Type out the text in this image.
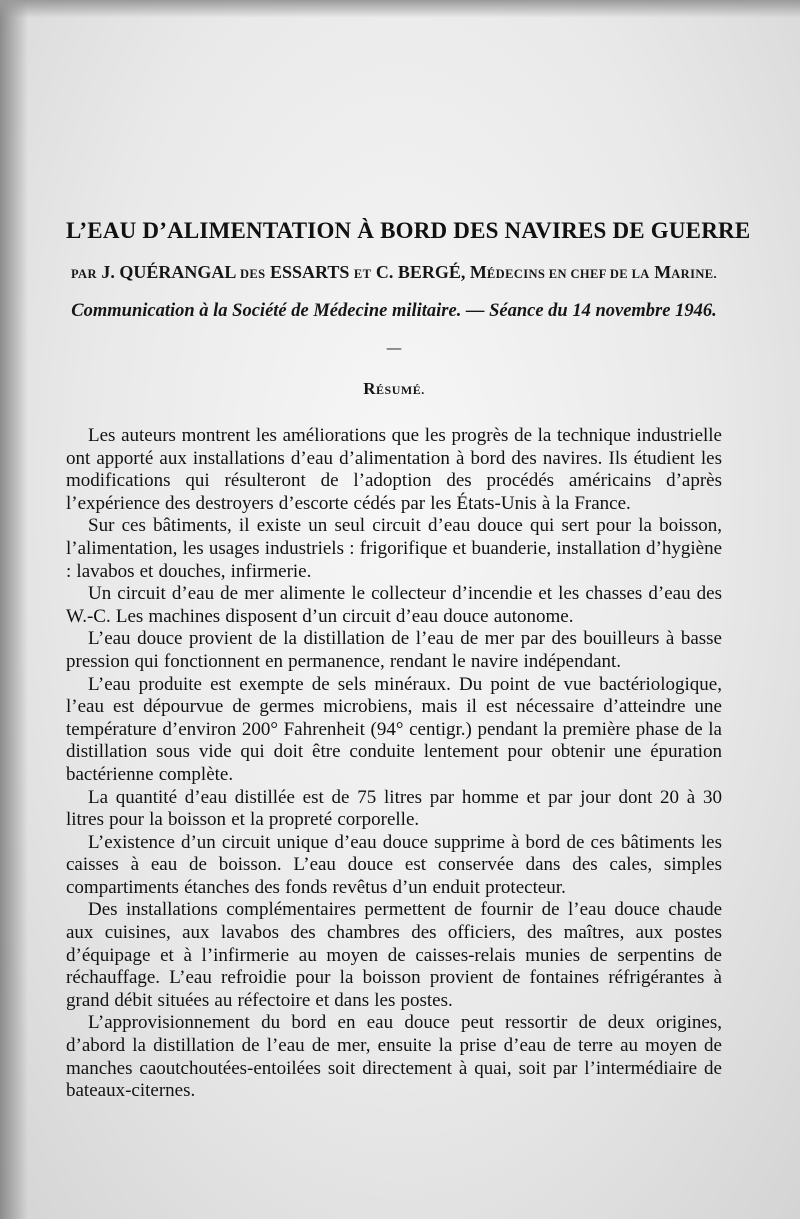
L’EAU D’ALIMENTATION À BORD DES NAVIRES DE GUERRE
PAR J. QUÉRANGAL DES ESSARTS ET C. BERGÉ, MÉDECINS EN CHEF DE LA MARINE.
Communication à la Société de Médecine militaire. — Séance du 14 novembre 1946.
—
RÉSUMÉ.

Les auteurs montrent les améliorations que les progrès de la technique industrielle ont apporté aux installations d’eau d’alimentation à bord des navires. Ils étudient les modifications qui résulteront de l’adoption des procédés américains d’après l’expérience des destroyers d’escorte cédés par les États-Unis à la France.

Sur ces bâtiments, il existe un seul circuit d’eau douce qui sert pour la boisson, l’alimentation, les usages industriels : frigorifique et buanderie, installation d’hygiène : lavabos et douches, infirmerie.

Un circuit d’eau de mer alimente le collecteur d’incendie et les chasses d’eau des W.-C. Les machines disposent d’un circuit d’eau douce autonome.

L’eau douce provient de la distillation de l’eau de mer par des bouilleurs à basse pression qui fonctionnent en permanence, rendant le navire indépendant.

L’eau produite est exempte de sels minéraux. Du point de vue bactériologique, l’eau est dépourvue de germes microbiens, mais il est nécessaire d’atteindre une température d’environ 200° Fahrenheit (94° centigr.) pendant la première phase de la distillation sous vide qui doit être conduite lentement pour obtenir une épuration bactérienne complète.

La quantité d’eau distillée est de 75 litres par homme et par jour dont 20 à 30 litres pour la boisson et la propreté corporelle.

L’existence d’un circuit unique d’eau douce supprime à bord de ces bâtiments les caisses à eau de boisson. L’eau douce est conservée dans des cales, simples compartiments étanches des fonds revêtus d’un enduit protecteur.

Des installations complémentaires permettent de fournir de l’eau douce chaude aux cuisines, aux lavabos des chambres des officiers, des maîtres, aux postes d’équipage et à l’infirmerie au moyen de caisses-relais munies de serpentins de réchauffage. L’eau refroidie pour la boisson provient de fontaines réfrigérantes à grand débit situées au réfectoire et dans les postes.

L’approvisionnement du bord en eau douce peut ressortir de deux origines, d’abord la distillation de l’eau de mer, ensuite la prise d’eau de terre au moyen de manches caoutchoutées-entoilées soit directement à quai, soit par l’intermédiaire de bateaux-citernes.
